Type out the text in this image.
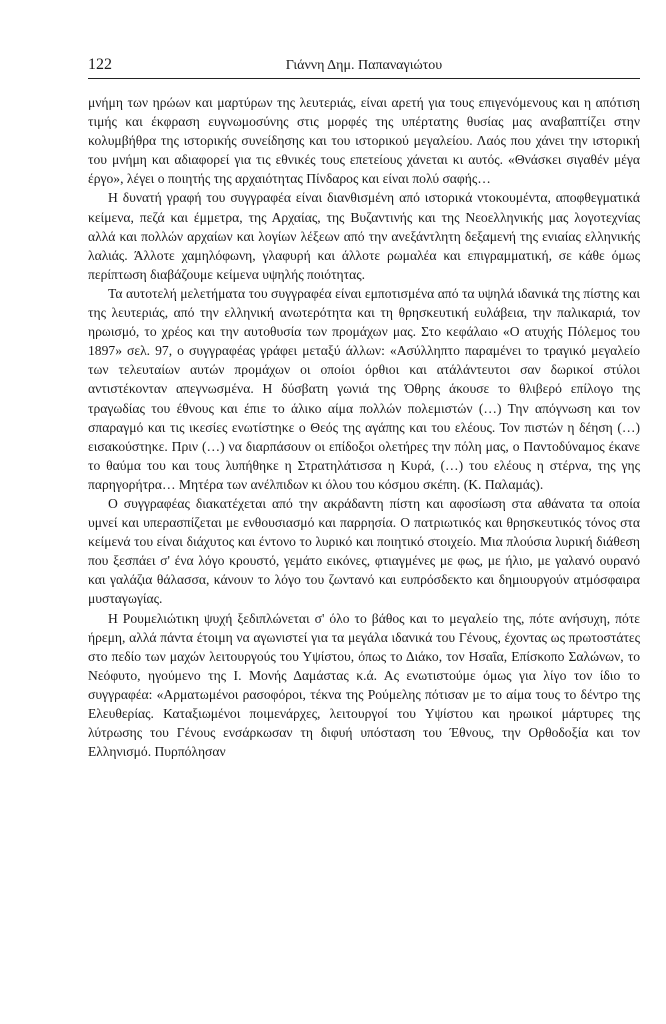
122	Γιάννη Δημ. Παπαναγιώτου

μνήμη των ηρώων και μαρτύρων της λευτεριάς, είναι αρετή για τους επιγενόμενους και η απότιση τιμής και έκφραση ευγνωμοσύνης στις μορφές της υπέρτατης θυσίας μας αναβαπτίζει στην κολυμβήθρα της ιστορικής συνείδησης και του ιστορικού μεγαλείου. Λαός που χάνει την ιστορική του μνήμη και αδιαφορεί για τις εθνικές τους επετείους χάνεται κι αυτός. «Θνάσκει σιγαθέν μέγα έργο», λέγει ο ποιητής της αρχαιότητας Πίνδαρος και είναι πολύ σαφής…

Η δυνατή γραφή του συγγραφέα είναι διανθισμένη από ιστορικά ντοκουμέντα, αποφθεγματικά κείμενα, πεζά και έμμετρα, της Αρχαίας, της Βυζαντινής και της Νεοελληνικής μας λογοτεχνίας αλλά και πολλών αρχαίων και λογίων λέξεων από την ανεξάντλητη δεξαμενή της ενιαίας ελληνικής λαλιάς. Άλλοτε χαμηλόφωνη, γλαφυρή και άλλοτε ρωμαλέα και επιγραμματική, σε κάθε όμως περίπτωση διαβάζουμε κείμενα υψηλής ποιότητας.

Τα αυτοτελή μελετήματα του συγγραφέα είναι εμποτισμένα από τα υψηλά ιδανικά της πίστης και της λευτεριάς, από την ελληνική ανωτερότητα και τη θρησκευτική ευλάβεια, την παλικαριά, τον ηρωισμό, το χρέος και την αυτοθυσία των προμάχων μας. Στο κεφάλαιο «Ο ατυχής Πόλεμος του 1897» σελ. 97, ο συγγραφέας γράφει μεταξύ άλλων: «Ασύλληπτο παραμένει το τραγικό μεγαλείο των τελευταίων αυτών προμάχων οι οποίοι όρθιοι και ατάλάντευτοι σαν δωρικοί στύλοι αντιστέκονταν απεγνωσμένα. Η δύσβατη γωνιά της Όθρης άκουσε το θλιβερό επίλογο της τραγωδίας του έθνους και έπιε το άλικο αίμα πολλών πολεμιστών (…) Την απόγνωση και τον σπαραγμό και τις ικεσίες ενωτίστηκε ο Θεός της αγάπης και του ελέους. Τον πιστών η δέηση (…) εισακούστηκε. Πριν (…) να διαρπάσουν οι επίδοξοι ολετήρες την πόλη μας, ο Παντοδύναμος έκανε το θαύμα του και τους λυπήθηκε η Στρατηλάτισσα η Κυρά, (…) του ελέους η στέρνα, της γης παρηγορήτρα… Μητέρα των ανέλπιδων κι όλου του κόσμου σκέπη. (Κ. Παλαμάς).

Ο συγγραφέας διακατέχεται από την ακράδαντη πίστη και αφοσίωση στα αθάνατα τα οποία υμνεί και υπερασπίζεται με ενθουσιασμό και παρρησία. Ο πατριωτικός και θρησκευτικός τόνος στα κείμενά του είναι διάχυτος και έντονο το λυρικό και ποιητικό στοιχείο. Μια πλούσια λυρική διάθεση που ξεσπάει σ' ένα λόγο κρουστό, γεμάτο εικόνες, φτιαγμένες με φως, με ήλιο, με γαλανό ουρανό και γαλάζια θάλασσα, κάνουν το λόγο του ζωντανό και ευπρόσδεκτο και δημιουργούν ατμόσφαιρα μυσταγωγίας.

Η Ρουμελιώτικη ψυχή ξεδιπλώνεται σ' όλο το βάθος και το μεγαλείο της, πότε ανήσυχη, πότε ήρεμη, αλλά πάντα έτοιμη να αγωνιστεί για τα μεγάλα ιδανικά του Γένους, έχοντας ως πρωτοστάτες στο πεδίο των μαχών λειτουργούς του Υψίστου, όπως το Διάκο, τον Ησαΐα, Επίσκοπο Σαλώνων, το Νεόφυτο, ηγούμενο της Ι. Μονής Δαμάστας κ.ά. Ας ενωτιστούμε όμως για λίγο τον ίδιο το συγγραφέα: «Αρματωμένοι ρασοφόροι, τέκνα της Ρούμελης πότισαν με το αίμα τους το δέντρο της Ελευθερίας. Καταξιωμένοι ποιμενάρχες, λειτουργοί του Υψίστου και ηρωικοί μάρτυρες της λύτρωσης του Γένους ενσάρκωσαν τη διφυή υπόσταση του Έθνους, την Ορθοδοξία και τον Ελληνισμό. Πυρπόλησαν
